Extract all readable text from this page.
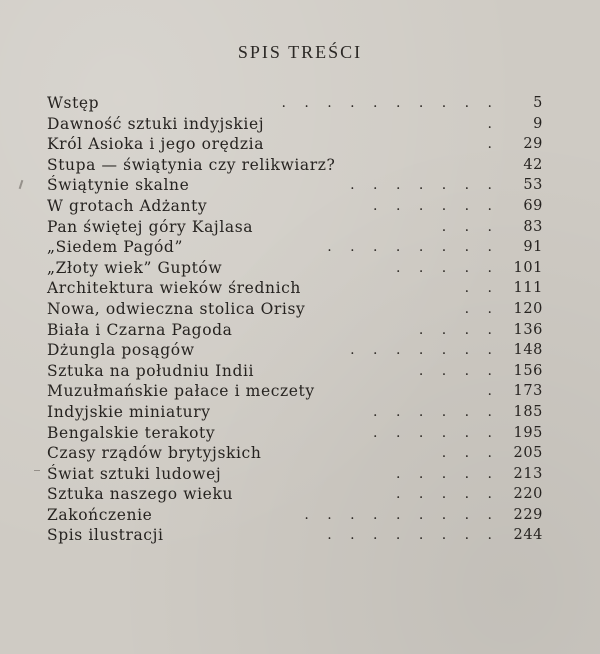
SPIS TREŚCI
Wstęp	. . . . . . . . . . 5
Dawność sztuki indyjskiej	. 9
Król Asioka i jego orędzia	. 29
Stupa — świątynia czy relikwiarz?	42
Świątynie skalne	. . . . . . . 53
W grotach Adżanty	. . . . . . 69
Pan świętej góry Kajlasa	. . . 83
„Siedem Pagód”	. . . . . . . . 91
„Złoty wiek” Guptów	. . . . . 101
Architektura wieków średnich	. . 111
Nowa, odwieczna stolica Orisy	. . 120
Biała i Czarna Pagoda	. . . . 136
Dżungla posągów	. . . . . . . 148
Sztuka na południu Indii	. . . . 156
Muzułmańskie pałace i meczety	. 173
Indyjskie miniatury	. . . . . . 185
Bengalskie terakoty	. . . . . . 195
Czasy rządów brytyjskich	. . . 205
Świat sztuki ludowej	. . . . . 213
Sztuka naszego wieku	. . . . . 220
Zakończenie	. . . . . . . . . 229
Spis ilustracji	. . . . . . . . 244
